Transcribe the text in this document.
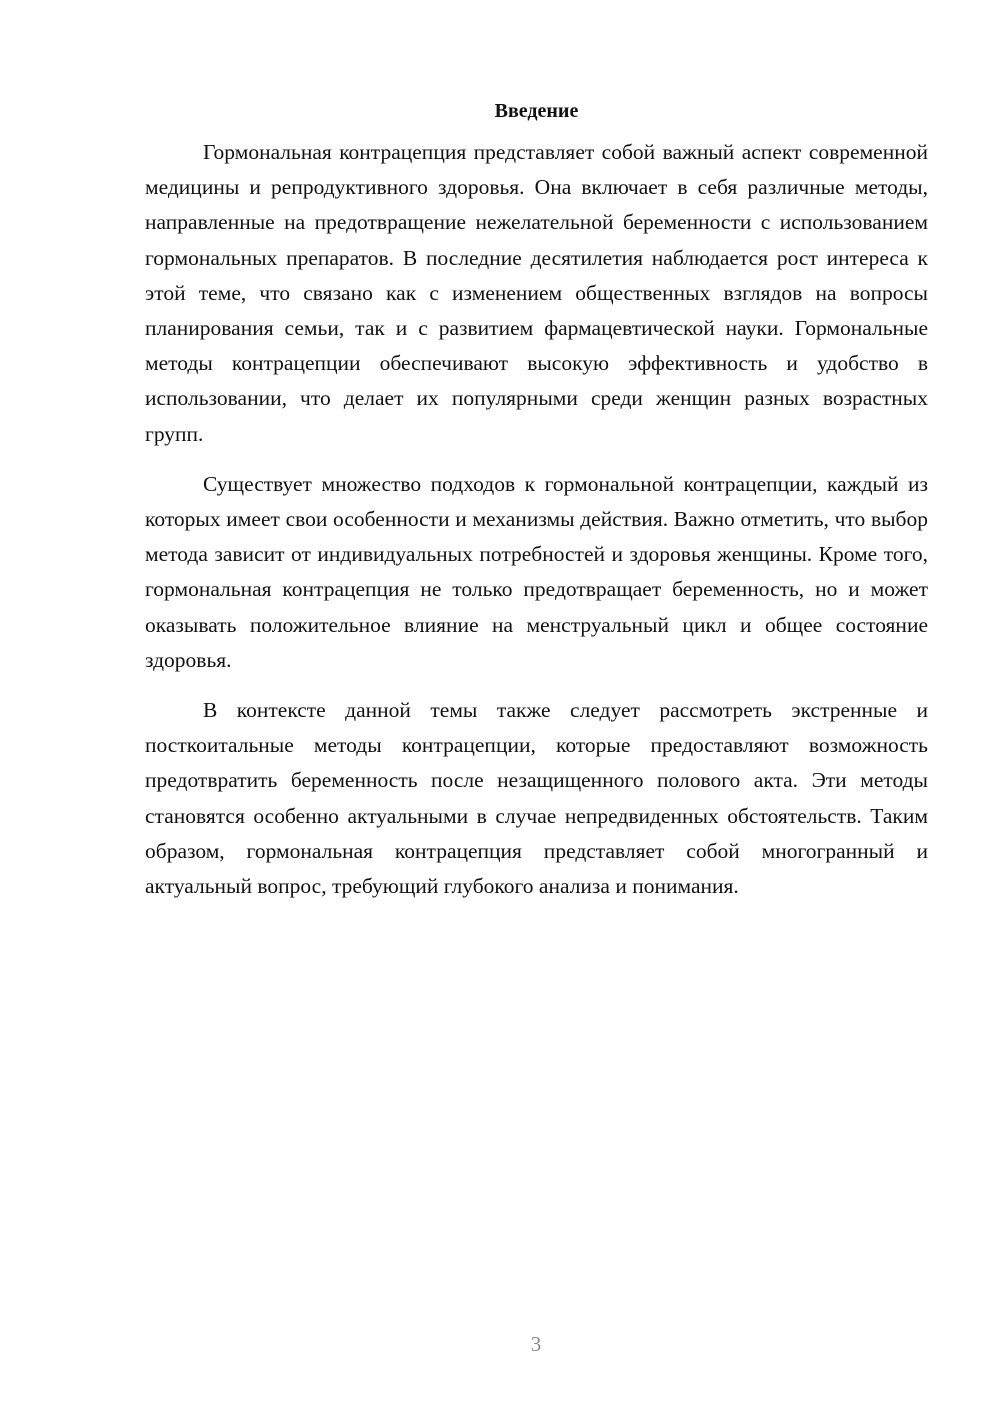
Введение

Гормональная контрацепция представляет собой важный аспект современной медицины и репродуктивного здоровья. Она включает в себя различные методы, направленные на предотвращение нежелательной беременности с использованием гормональных препаратов. В последние десятилетия наблюдается рост интереса к этой теме, что связано как с изменением общественных взглядов на вопросы планирования семьи, так и с развитием фармацевтической науки. Гормональные методы контрацепции обеспечивают высокую эффективность и удобство в использовании, что делает их популярными среди женщин разных возрастных групп.

Существует множество подходов к гормональной контрацепции, каждый из которых имеет свои особенности и механизмы действия. Важно отметить, что выбор метода зависит от индивидуальных потребностей и здоровья женщины. Кроме того, гормональная контрацепция не только предотвращает беременность, но и может оказывать положительное влияние на менструальный цикл и общее состояние здоровья.

В контексте данной темы также следует рассмотреть экстренные и посткоитальные методы контрацепции, которые предоставляют возможность предотвратить беременность после незащищенного полового акта. Эти методы становятся особенно актуальными в случае непредвиденных обстоятельств. Таким образом, гормональная контрацепция представляет собой многогранный и актуальный вопрос, требующий глубокого анализа и понимания.

3
